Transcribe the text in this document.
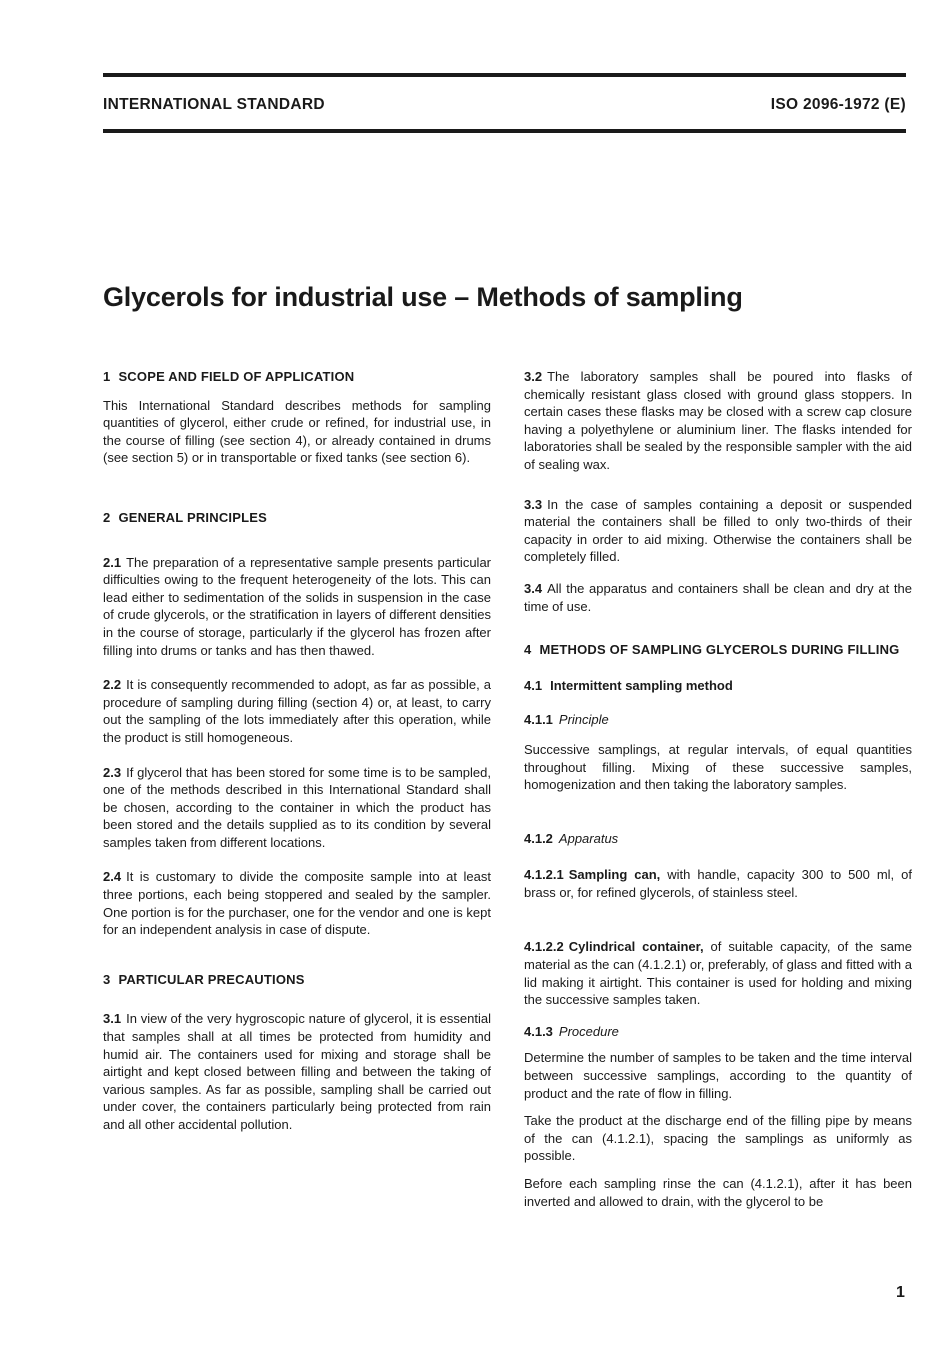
INTERNATIONAL STANDARD	ISO 2096-1972 (E)
Glycerols for industrial use – Methods of sampling
1 SCOPE AND FIELD OF APPLICATION

This International Standard describes methods for sampling quantities of glycerol, either crude or refined, for industrial use, in the course of filling (see section 4), or already contained in drums (see section 5) or in transportable or fixed tanks (see section 6).

2 GENERAL PRINCIPLES

2.1 The preparation of a representative sample presents particular difficulties owing to the frequent heterogeneity of the lots. This can lead either to sedimentation of the solids in suspension in the case of crude glycerols, or the stratification in layers of different densities in the course of storage, particularly if the glycerol has frozen after filling into drums or tanks and has then thawed.

2.2 It is consequently recommended to adopt, as far as possible, a procedure of sampling during filling (section 4) or, at least, to carry out the sampling of the lots immediately after this operation, while the product is still homogeneous.

2.3 If glycerol that has been stored for some time is to be sampled, one of the methods described in this International Standard shall be chosen, according to the container in which the product has been stored and the details supplied as to its condition by several samples taken from different locations.

2.4 It is customary to divide the composite sample into at least three portions, each being stoppered and sealed by the sampler. One portion is for the purchaser, one for the vendor and one is kept for an independent analysis in case of dispute.

3 PARTICULAR PRECAUTIONS

3.1 In view of the very hygroscopic nature of glycerol, it is essential that samples shall at all times be protected from humidity and humid air. The containers used for mixing and storage shall be airtight and kept closed between filling and between the taking of various samples. As far as possible, sampling shall be carried out under cover, the containers particularly being protected from rain and all other accidental pollution.

3.2 The laboratory samples shall be poured into flasks of chemically resistant glass closed with ground glass stoppers. In certain cases these flasks may be closed with a screw cap closure having a polyethylene or aluminium liner. The flasks intended for laboratories shall be sealed by the responsible sampler with the aid of sealing wax.

3.3 In the case of samples containing a deposit or suspended material the containers shall be filled to only two-thirds of their capacity in order to aid mixing. Otherwise the containers shall be completely filled.

3.4 All the apparatus and containers shall be clean and dry at the time of use.

4 METHODS OF SAMPLING GLYCEROLS DURING FILLING
4.1 Intermittent sampling method
4.1.1 Principle

Successive samplings, at regular intervals, of equal quantities throughout filling. Mixing of these successive samples, homogenization and then taking the laboratory samples.

4.1.2 Apparatus

4.1.2.1 Sampling can, with handle, capacity 300 to 500 ml, of brass or, for refined glycerols, of stainless steel.

4.1.2.2 Cylindrical container, of suitable capacity, of the same material as the can (4.1.2.1) or, preferably, of glass and fitted with a lid making it airtight. This container is used for holding and mixing the successive samples taken.

4.1.3 Procedure

Determine the number of samples to be taken and the time interval between successive samplings, according to the quantity of product and the rate of flow in filling.

Take the product at the discharge end of the filling pipe by means of the can (4.1.2.1), spacing the samplings as uniformly as possible.

Before each sampling rinse the can (4.1.2.1), after it has been inverted and allowed to drain, with the glycerol to be

1
